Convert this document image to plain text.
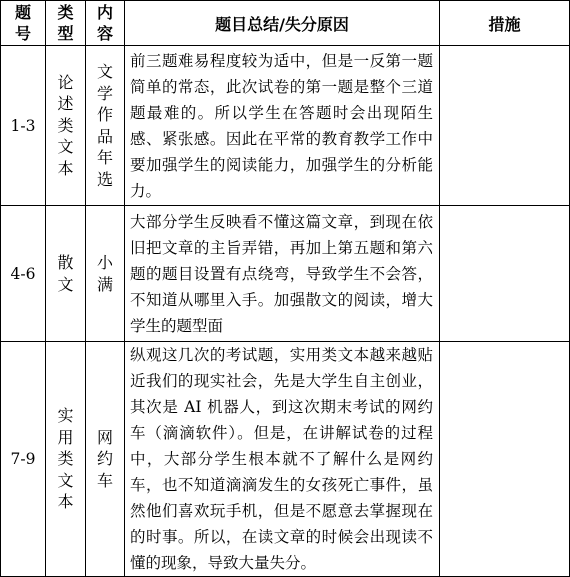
题号	类型	内容	题目总结/失分原因	措施
1-3	论述类文本	文学作品年选	前三题难易程度较为适中，但是一反第一题简单的常态，此次试卷的第一题是整个三道题最难的。所以学生在答题时会出现陌生感、紧张感。因此在平常的教育教学工作中要加强学生的阅读能力，加强学生的分析能力。	
4-6	散文	小满	大部分学生反映看不懂这篇文章，到现在依旧把文章的主旨弄错，再加上第五题和第六题的题目设置有点绕弯，导致学生不会答，不知道从哪里入手。加强散文的阅读，增大学生的题型面	
7-9	实用类文本	网约车	纵观这几次的考试题，实用类文本越来越贴近我们的现实社会，先是大学生自主创业，其次是 AI 机器人，到这次期末考试的网约车（滴滴软件）。但是，在讲解试卷的过程中，大部分学生根本就不了解什么是网约车，也不知道滴滴发生的女孩死亡事件，虽然他们喜欢玩手机，但是不愿意去掌握现在的时事。所以，在读文章的时候会出现读不懂的现象，导致大量失分。	
